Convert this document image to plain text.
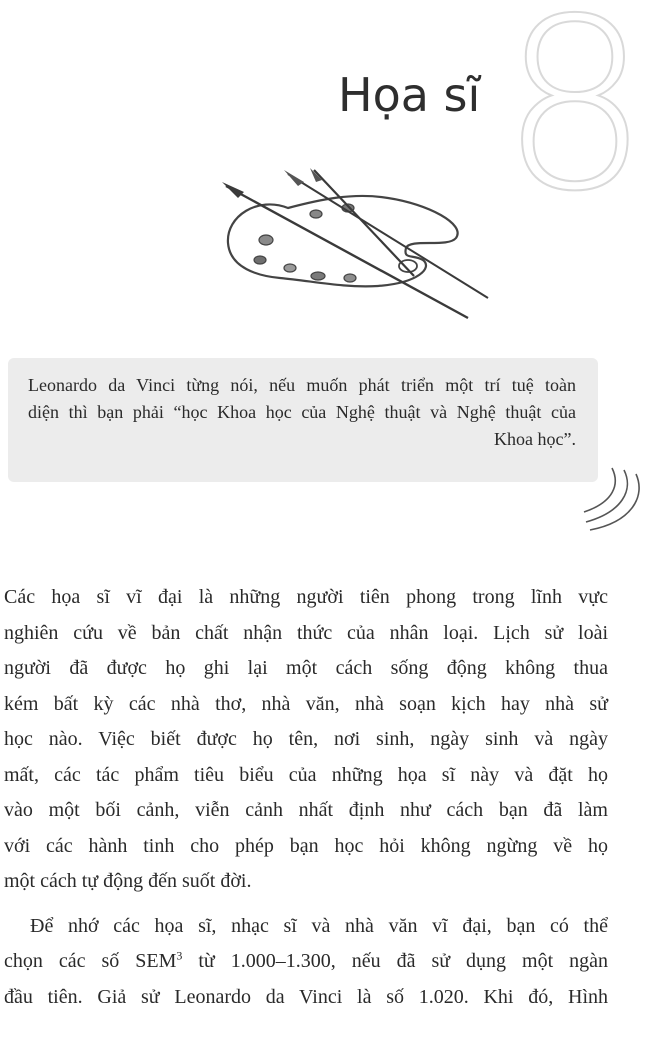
8
Họa sĩ
Leonardo da Vinci từng nói, nếu muốn phát triển một trí tuệ toàn
diện thì bạn phải “học Khoa học của Nghệ thuật và Nghệ thuật của
Khoa học”.
Các họa sĩ vĩ đại là những người tiên phong trong lĩnh vực
nghiên cứu về bản chất nhận thức của nhân loại. Lịch sử loài
người đã được họ ghi lại một cách sống động không thua
kém bất kỳ các nhà thơ, nhà văn, nhà soạn kịch hay nhà sử
học nào. Việc biết được họ tên, nơi sinh, ngày sinh và ngày
mất, các tác phẩm tiêu biểu của những họa sĩ này và đặt họ
vào một bối cảnh, viễn cảnh nhất định như cách bạn đã làm
với các hành tinh cho phép bạn học hỏi không ngừng về họ
một cách tự động đến suốt đời.
Để nhớ các họa sĩ, nhạc sĩ và nhà văn vĩ đại, bạn có thể
chọn các số SEM$^3$ từ 1.000–1.300, nếu đã sử dụng một ngàn
đầu tiên. Giả sử Leonardo da Vinci là số 1.020. Khi đó, Hình
